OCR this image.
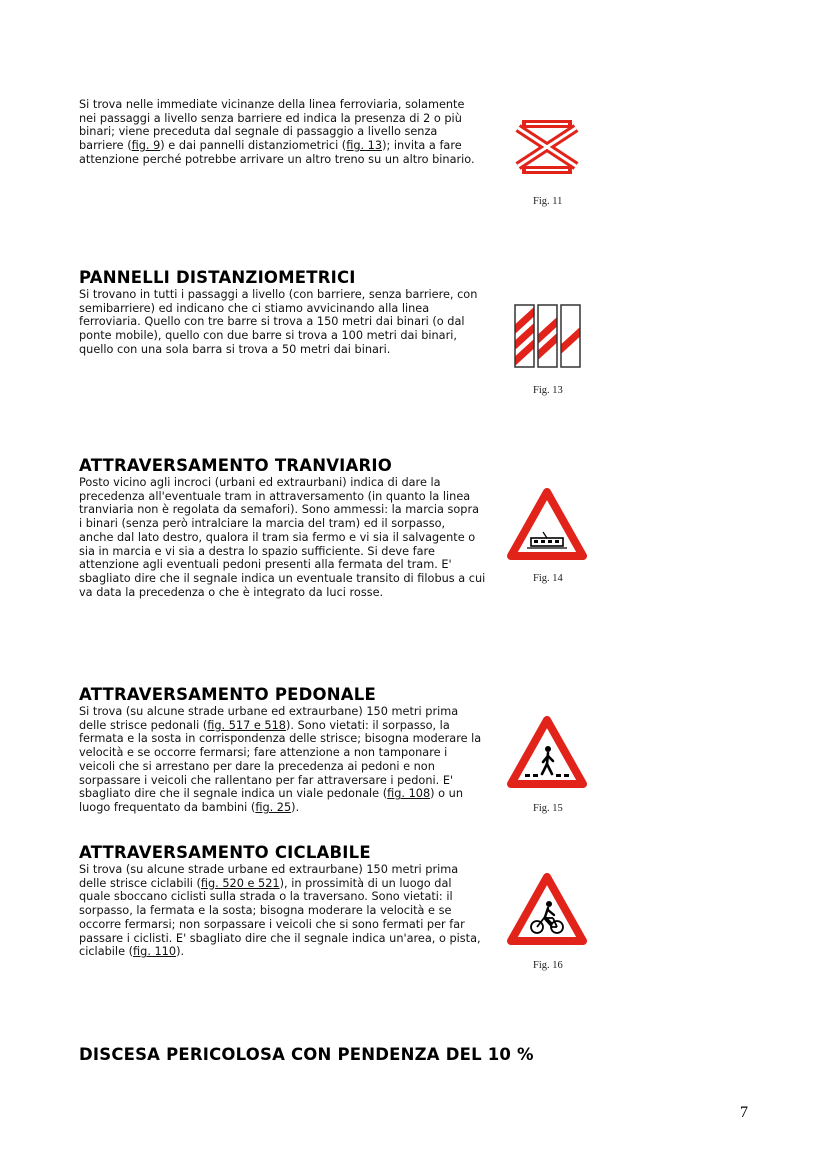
Si trova nelle immediate vicinanze della linea ferroviaria, solamente
nei passaggi a livello senza barriere ed indica la presenza di 2 o più
binari; viene preceduta dal segnale di passaggio a livello senza
barriere (fig. 9) e dai pannelli distanziometrici (fig. 13); invita a fare
attenzione perché potrebbe arrivare un altro treno su un altro binario.

Fig. 11
PANNELLI DISTANZIOMETRICI

Si trovano in tutti i passaggi a livello (con barriere, senza barriere, con
semibarriere) ed indicano che ci stiamo avvicinando alla linea
ferroviaria. Quello con tre barre si trova a 150 metri dai binari (o dal
ponte mobile), quello con due barre si trova a 100 metri dai binari,
quello con una sola barra si trova a 50 metri dai binari.

Fig. 13
ATTRAVERSAMENTO TRANVIARIO

Posto vicino agli incroci (urbani ed extraurbani) indica di dare la
precedenza all'eventuale tram in attraversamento (in quanto la linea
tranviaria non è regolata da semafori). Sono ammessi: la marcia sopra
i binari (senza però intralciare la marcia del tram) ed il sorpasso,
anche dal lato destro, qualora il tram sia fermo e vi sia il salvagente o
sia in marcia e vi sia a destra lo spazio sufficiente. Si deve fare
attenzione agli eventuali pedoni presenti alla fermata del tram. E'
sbagliato dire che il segnale indica un eventuale transito di filobus a cui
va data la precedenza o che è integrato da luci rosse.

Fig. 14
ATTRAVERSAMENTO PEDONALE

Si trova (su alcune strade urbane ed extraurbane) 150 metri prima
delle strisce pedonali (fig. 517 e 518). Sono vietati: il sorpasso, la
fermata e la sosta in corrispondenza delle strisce; bisogna moderare la
velocità e se occorre fermarsi; fare attenzione a non tamponare i
veicoli che si arrestano per dare la precedenza ai pedoni e non
sorpassare i veicoli che rallentano per far attraversare i pedoni. E'
sbagliato dire che il segnale indica un viale pedonale (fig. 108) o un
luogo frequentato da bambini (fig. 25).	Fig. 15
ATTRAVERSAMENTO CICLABILE

Si trova (su alcune strade urbane ed extraurbane) 150 metri prima
delle strisce ciclabili (fig. 520 e 521), in prossimità di un luogo dal
quale sboccano ciclisti sulla strada o la traversano. Sono vietati: il
sorpasso, la fermata e la sosta; bisogna moderare la velocità e se
occorre fermarsi; non sorpassare i veicoli che si sono fermati per far
passare i ciclisti. E' sbagliato dire che il segnale indica un'area, o pista,
ciclabile (fig. 110).

Fig. 16
DISCESA PERICOLOSA CON PENDENZA DEL 10 %
7
